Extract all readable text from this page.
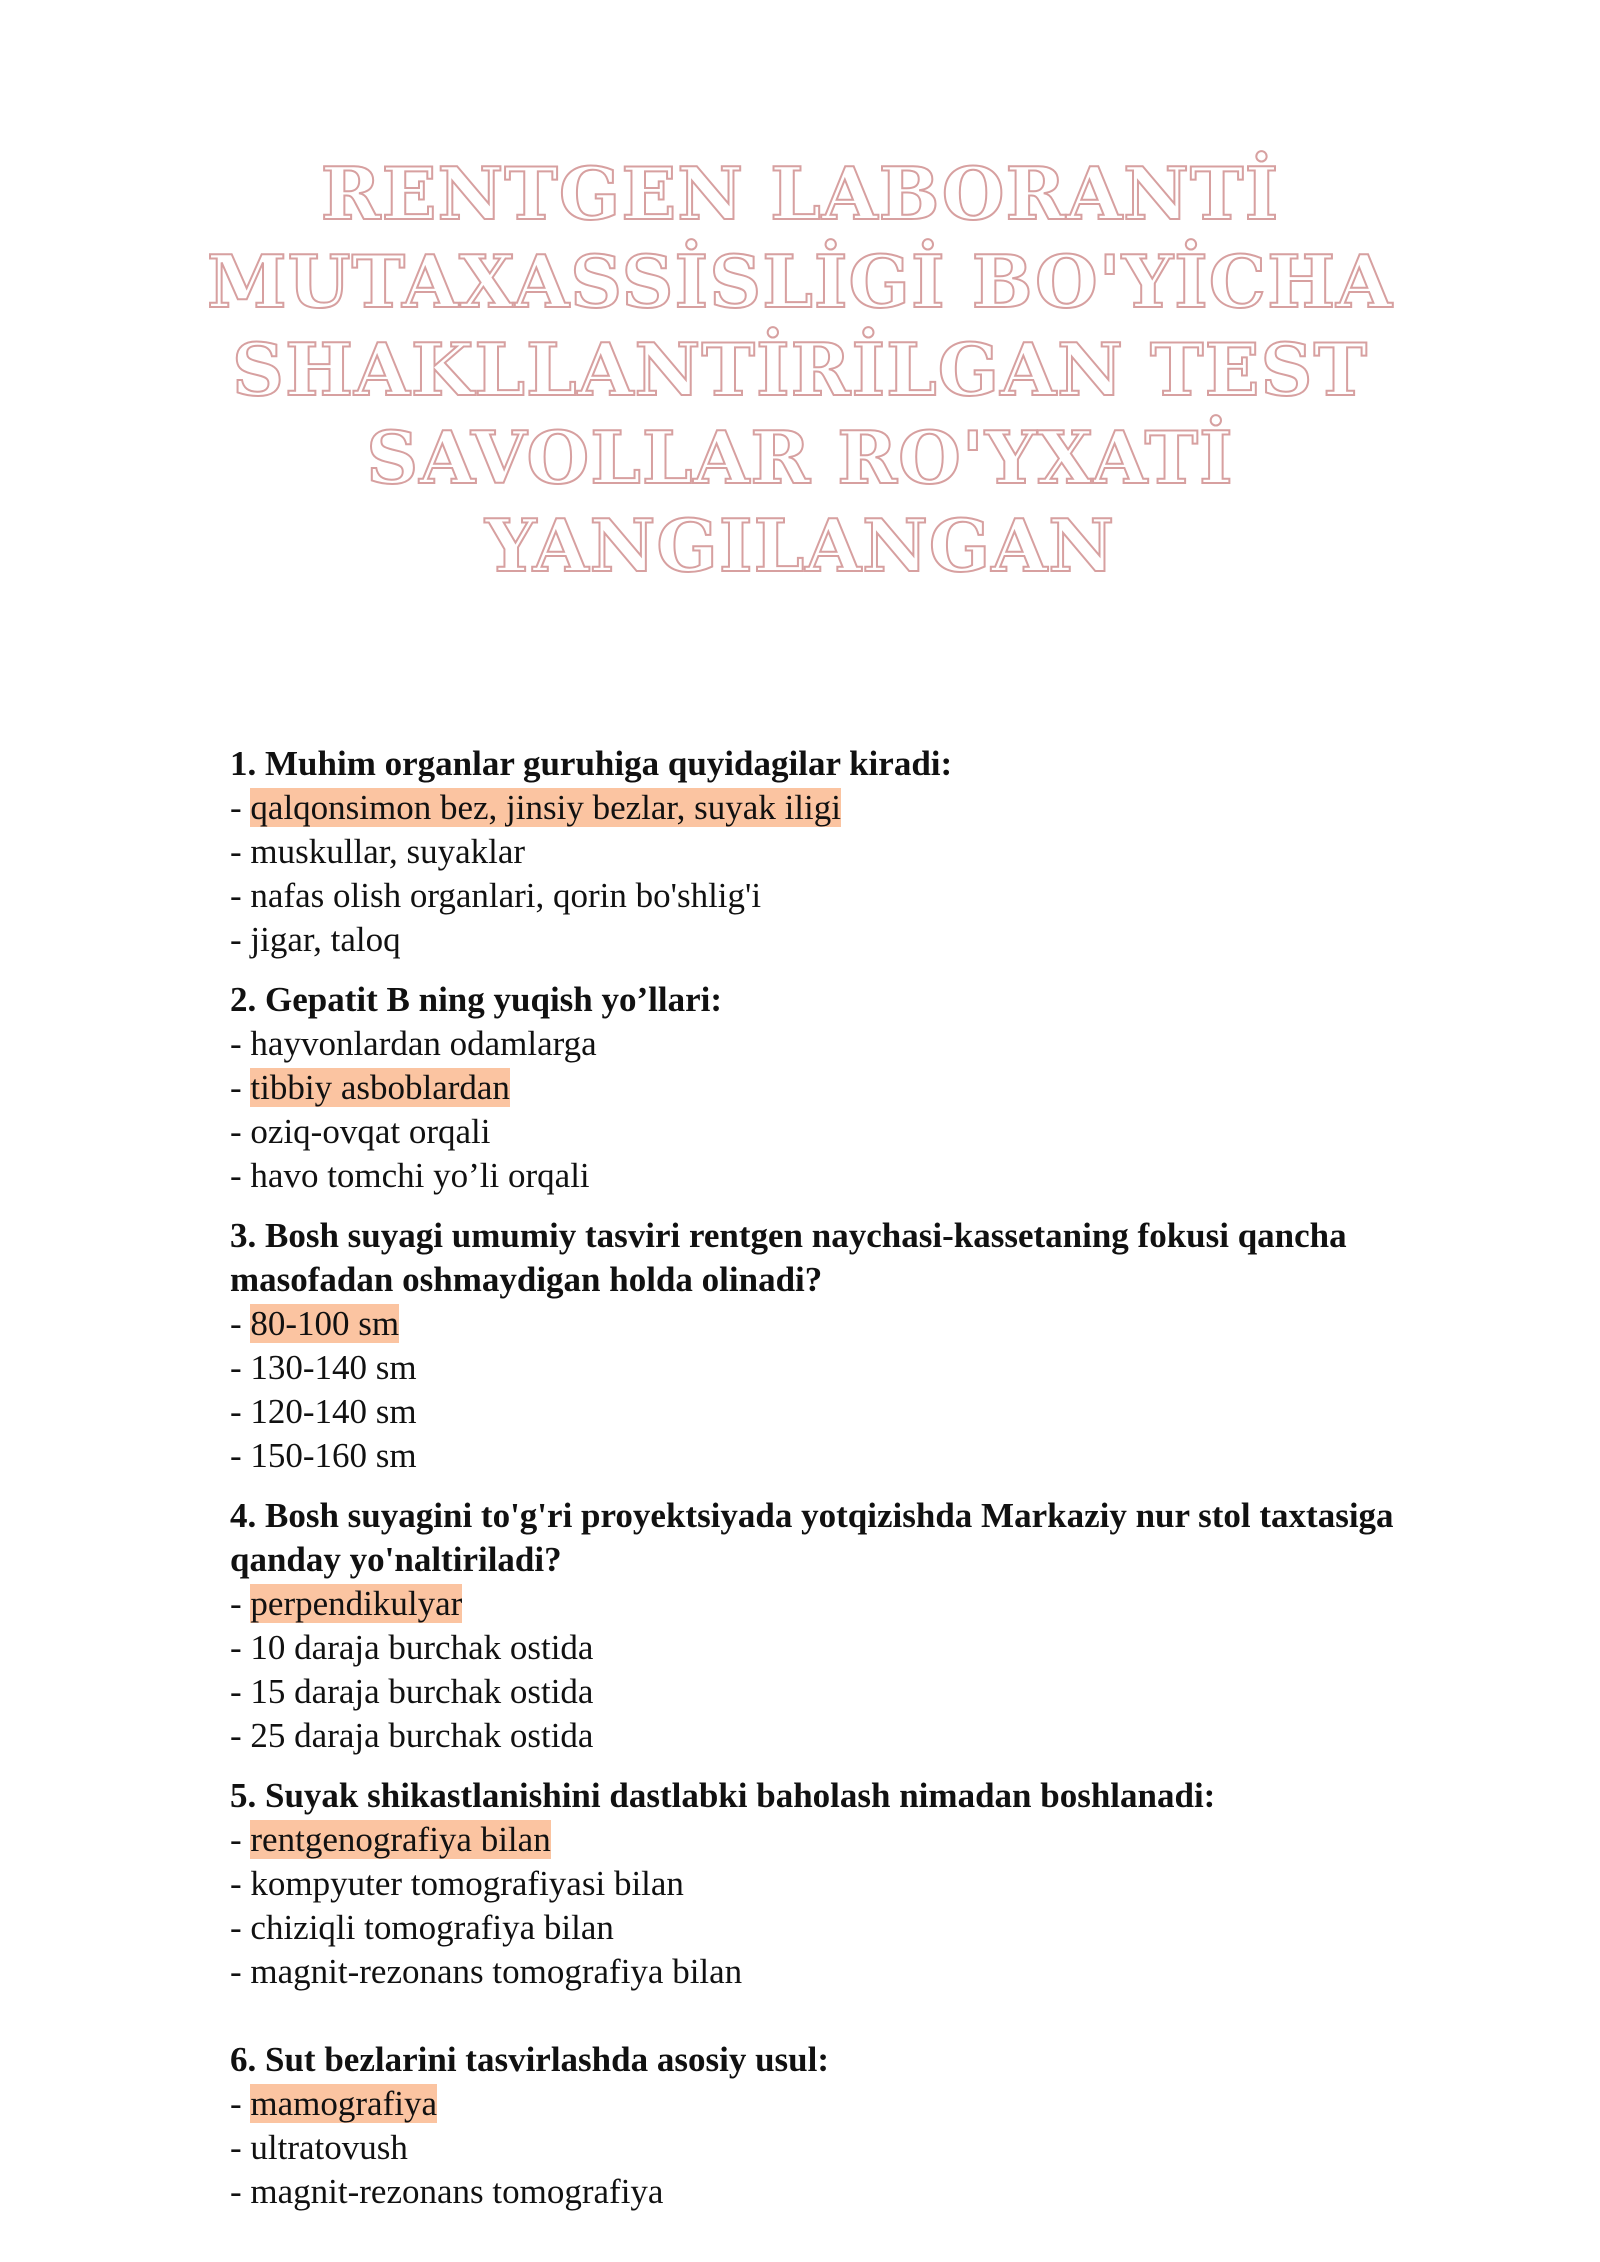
RENTGEN LABORANTİ
MUTAXASSİSLİGİ BO'YİCHA
SHAKLLANTİRİLGAN TEST
SAVOLLAR RO'YXATİ
YANGILANGAN
1. Muhim organlar guruhiga quyidagilar kiradi:
- qalqonsimon bez, jinsiy bezlar, suyak iligi
- muskullar, suyaklar
- nafas olish organlari, qorin bo'shlig'i
- jigar, taloq
2. Gepatit B ning yuqish yo’llari:
- hayvonlardan odamlarga
- tibbiy asboblardan
- oziq-ovqat orqali
- havo tomchi yo’li orqali
3. Bosh suyagi umumiy tasviri rentgen naychasi-kassetaning fokusi qancha masofadan oshmaydigan holda olinadi?
- 80-100 sm
- 130-140 sm
- 120-140 sm
- 150-160 sm
4. Bosh suyagini to'g'ri proyektsiyada yotqizishda Markaziy nur stol taxtasiga qanday yo'naltiriladi?
- perpendikulyar
- 10 daraja burchak ostida
- 15 daraja burchak ostida
- 25 daraja burchak ostida
5. Suyak shikastlanishini dastlabki baholash nimadan boshlanadi:
- rentgenografiya bilan
- kompyuter tomografiyasi bilan
- chiziqli tomografiya bilan
- magnit-rezonans tomografiya bilan
6. Sut bezlarini tasvirlashda asosiy usul:
- mamografiya
- ultratovush
- magnit-rezonans tomografiya
